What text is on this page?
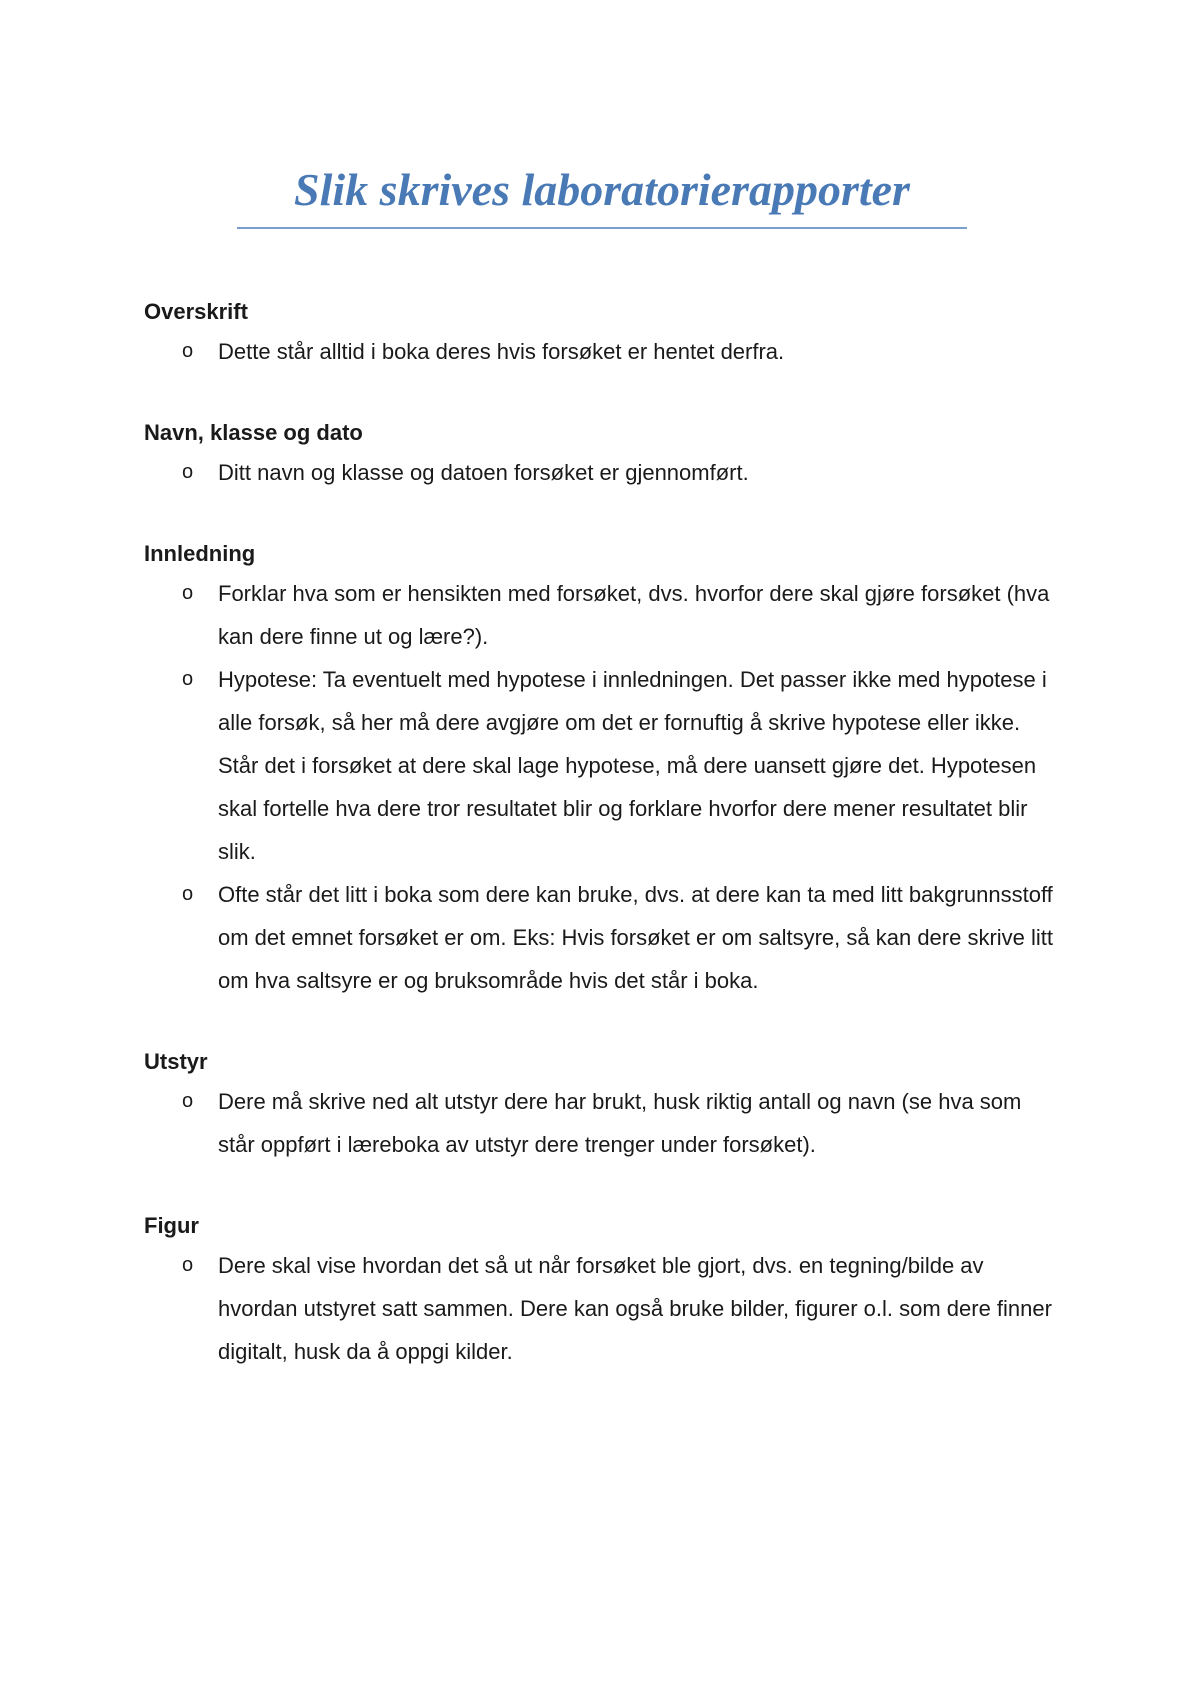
Slik skrives laboratorierapporter
Overskrift
o Dette står alltid i boka deres hvis forsøket er hentet derfra.
Navn, klasse og dato
o Ditt navn og klasse og datoen forsøket er gjennomført.
Innledning
o Forklar hva som er hensikten med forsøket, dvs. hvorfor dere skal gjøre forsøket (hva kan dere finne ut og lære?).
o Hypotese: Ta eventuelt med hypotese i innledningen. Det passer ikke med hypotese i alle forsøk, så her må dere avgjøre om det er fornuftig å skrive hypotese eller ikke. Står det i forsøket at dere skal lage hypotese, må dere uansett gjøre det. Hypotesen skal fortelle hva dere tror resultatet blir og forklare hvorfor dere mener resultatet blir slik.
o Ofte står det litt i boka som dere kan bruke, dvs. at dere kan ta med litt bakgrunnsstoff om det emnet forsøket er om. Eks: Hvis forsøket er om saltsyre, så kan dere skrive litt om hva saltsyre er og bruksområde hvis det står i boka.
Utstyr
o Dere må skrive ned alt utstyr dere har brukt, husk riktig antall og navn (se hva som står oppført i læreboka av utstyr dere trenger under forsøket).
Figur
o Dere skal vise hvordan det så ut når forsøket ble gjort, dvs. en tegning/bilde av hvordan utstyret satt sammen. Dere kan også bruke bilder, figurer o.l. som dere finner digitalt, husk da å oppgi kilder.
